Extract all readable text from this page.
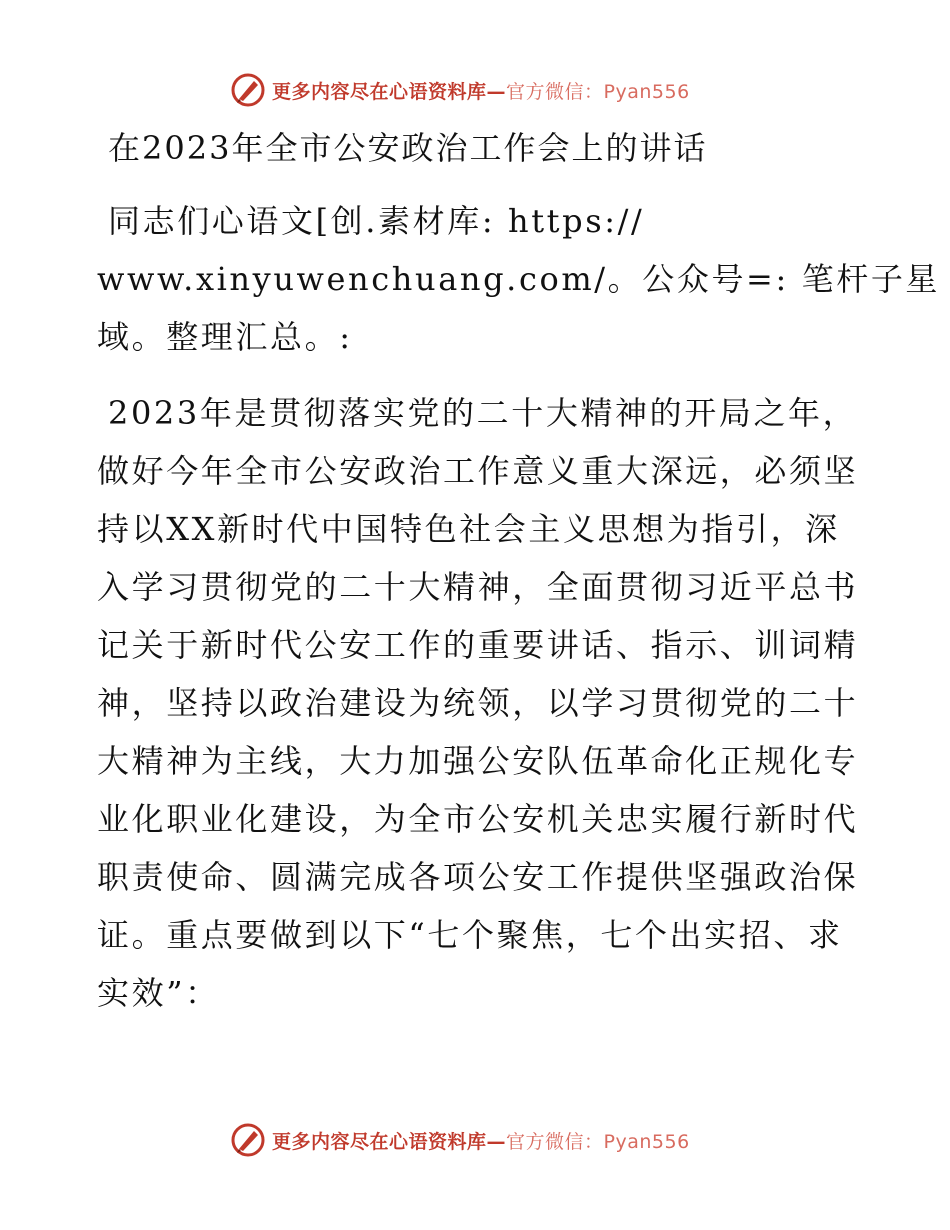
更多内容尽在心语资料库—官方微信：Pyan556
在2023年全市公安政治工作会上的讲话
同志们心语文[创.素材库: https://
www.xinyuwenchuang.com/。公众号=: 笔杆子星
域。整理汇总。:
2023年是贯彻落实党的二十大精神的开局之年，
做好今年全市公安政治工作意义重大深远，必须坚
持以XX新时代中国特色社会主义思想为指引，深
入学习贯彻党的二十大精神，全面贯彻习近平总书
记关于新时代公安工作的重要讲话、指示、训词精
神，坚持以政治建设为统领，以学习贯彻党的二十
大精神为主线，大力加强公安队伍革命化正规化专
业化职业化建设，为全市公安机关忠实履行新时代
职责使命、圆满完成各项公安工作提供坚强政治保
证。重点要做到以下“七个聚焦，七个出实招、求
实效”：
更多内容尽在心语资料库—官方微信：Pyan556
